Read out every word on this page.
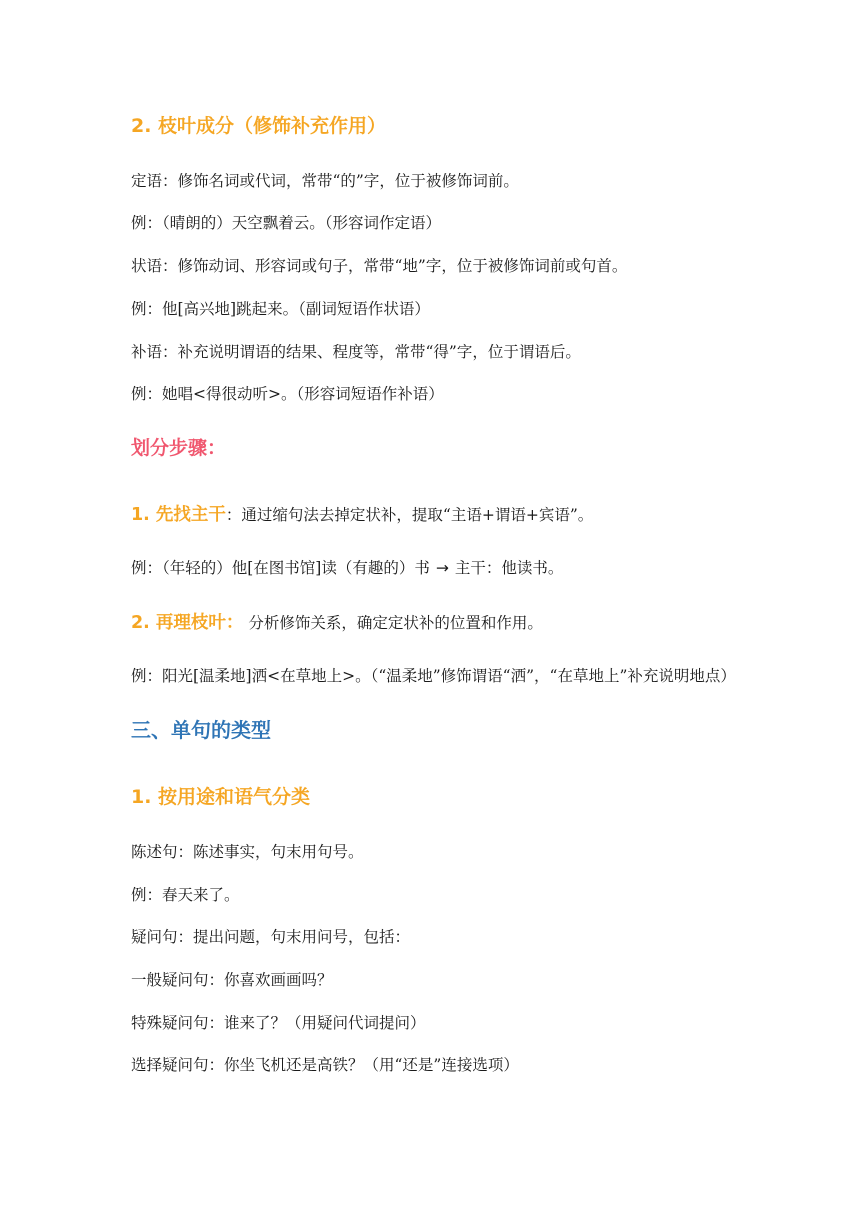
2. 枝叶成分（修饰补充作用）
定语：修饰名词或代词，常带“的”字，位于被修饰词前。
例：（晴朗的）天空飘着云。（形容词作定语）
状语：修饰动词、形容词或句子，常带“地”字，位于被修饰词前或句首。
例：他[高兴地]跳起来。（副词短语作状语）
补语：补充说明谓语的结果、程度等，常带“得”字，位于谓语后。
例：她唱<得很动听>。（形容词短语作补语）
划分步骤：
1. 先找主干：通过缩句法去掉定状补，提取“主语+谓语+宾语”。
例：（年轻的）他[在图书馆]读（有趣的）书 → 主干：他读书。
2. 再理枝叶： 分析修饰关系，确定定状补的位置和作用。
例：阳光[温柔地]洒<在草地上>。（“温柔地”修饰谓语“洒”，“在草地上”补充说明地点）
三、单句的类型
1. 按用途和语气分类
陈述句：陈述事实，句末用句号。
例：春天来了。
疑问句：提出问题，句末用问号，包括：
一般疑问句：你喜欢画画吗？
特殊疑问句：谁来了？（用疑问代词提问）
选择疑问句：你坐飞机还是高铁？（用“还是”连接选项）
